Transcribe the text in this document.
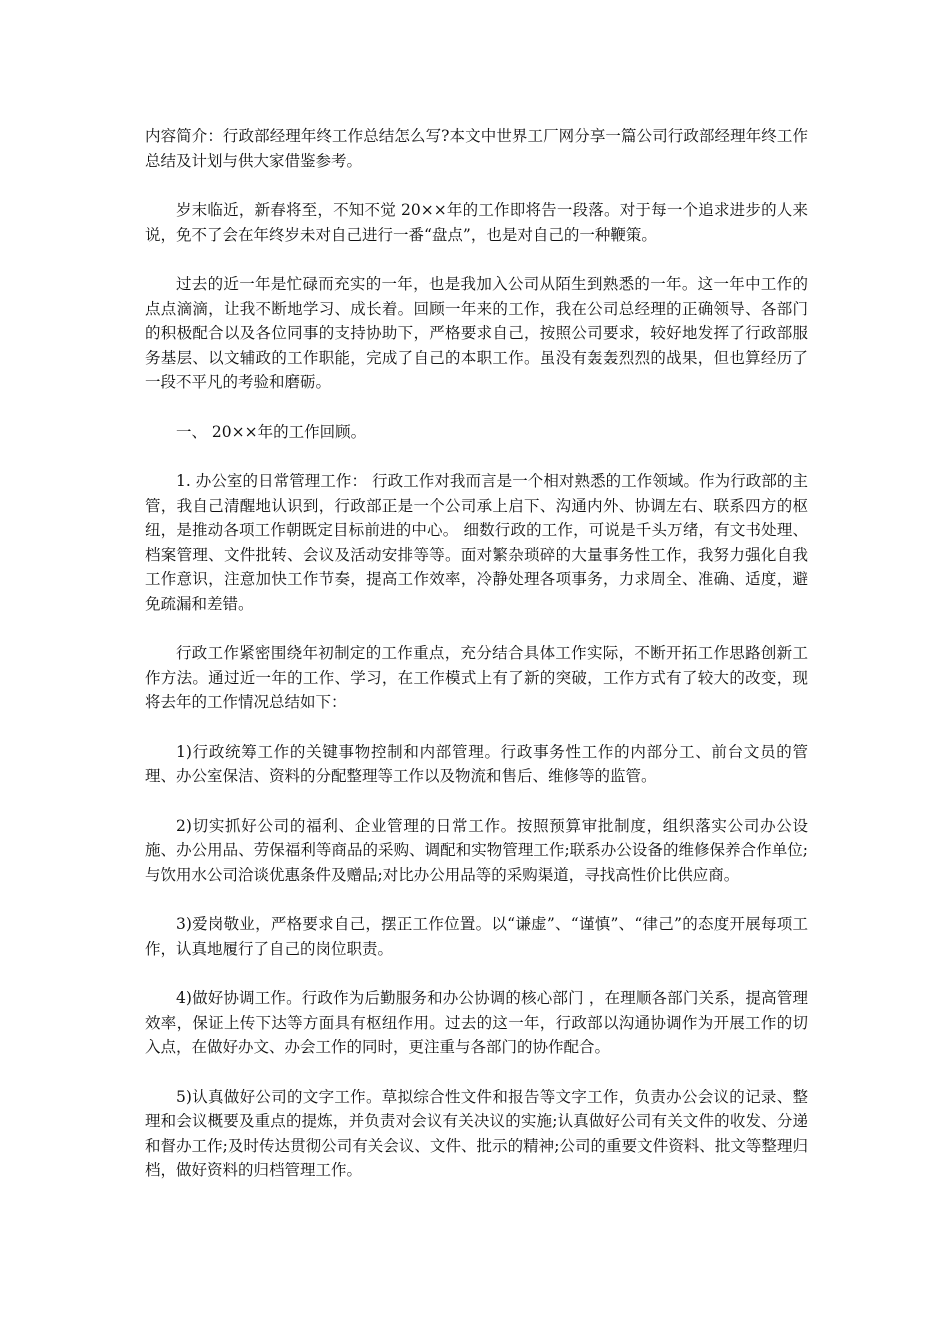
内容简介：行政部经理年终工作总结怎么写?本文中世界工厂网分享一篇公司行政部经理年终工作总结及计划与供大家借鉴参考。

岁末临近，新春将至，不知不觉 20××年的工作即将告一段落。对于每一个追求进步的人来说，免不了会在年终岁未对自己进行一番“盘点”，也是对自己的一种鞭策。

过去的近一年是忙碌而充实的一年，也是我加入公司从陌生到熟悉的一年。这一年中工作的点点滴滴，让我不断地学习、成长着。回顾一年来的工作，我在公司总经理的正确领导、各部门的积极配合以及各位同事的支持协助下，严格要求自己，按照公司要求，较好地发挥了行政部服务基层、以文辅政的工作职能，完成了自己的本职工作。虽没有轰轰烈烈的战果，但也算经历了一段不平凡的考验和磨砺。

一、 20××年的工作回顾。

1. 办公室的日常管理工作： 行政工作对我而言是一个相对熟悉的工作领域。作为行政部的主管，我自己清醒地认识到，行政部正是一个公司承上启下、沟通内外、协调左右、联系四方的枢纽，是推动各项工作朝既定目标前进的中心。 细数行政的工作，可说是千头万绪，有文书处理、档案管理、文件批转、会议及活动安排等等。面对繁杂琐碎的大量事务性工作，我努力强化自我工作意识，注意加快工作节奏，提高工作效率，冷静处理各项事务，力求周全、准确、适度，避免疏漏和差错。

行政工作紧密围绕年初制定的工作重点，充分结合具体工作实际，不断开拓工作思路创新工作方法。通过近一年的工作、学习，在工作模式上有了新的突破，工作方式有了较大的改变，现将去年的工作情况总结如下：

1)行政统筹工作的关键事物控制和内部管理。行政事务性工作的内部分工、前台文员的管理、办公室保洁、资料的分配整理等工作以及物流和售后、维修等的监管。

2)切实抓好公司的福利、企业管理的日常工作。按照预算审批制度，组织落实公司办公设施、办公用品、劳保福利等商品的采购、调配和实物管理工作;联系办公设备的维修保养合作单位;与饮用水公司洽谈优惠条件及赠品;对比办公用品等的采购渠道，寻找高性价比供应商。

3)爱岗敬业，严格要求自己，摆正工作位置。以“谦虚”、“谨慎”、“律己”的态度开展每项工作，认真地履行了自己的岗位职责。

4)做好协调工作。行政作为后勤服务和办公协调的核心部门 ，在理顺各部门关系，提高管理效率，保证上传下达等方面具有枢纽作用。过去的这一年，行政部以沟通协调作为开展工作的切入点，在做好办文、办会工作的同时，更注重与各部门的协作配合。

5)认真做好公司的文字工作。草拟综合性文件和报告等文字工作，负责办公会议的记录、整理和会议概要及重点的提炼，并负责对会议有关决议的实施;认真做好公司有关文件的收发、分递和督办工作;及时传达贯彻公司有关会议、文件、批示的精神;公司的重要文件资料、批文等整理归档，做好资料的归档管理工作。
